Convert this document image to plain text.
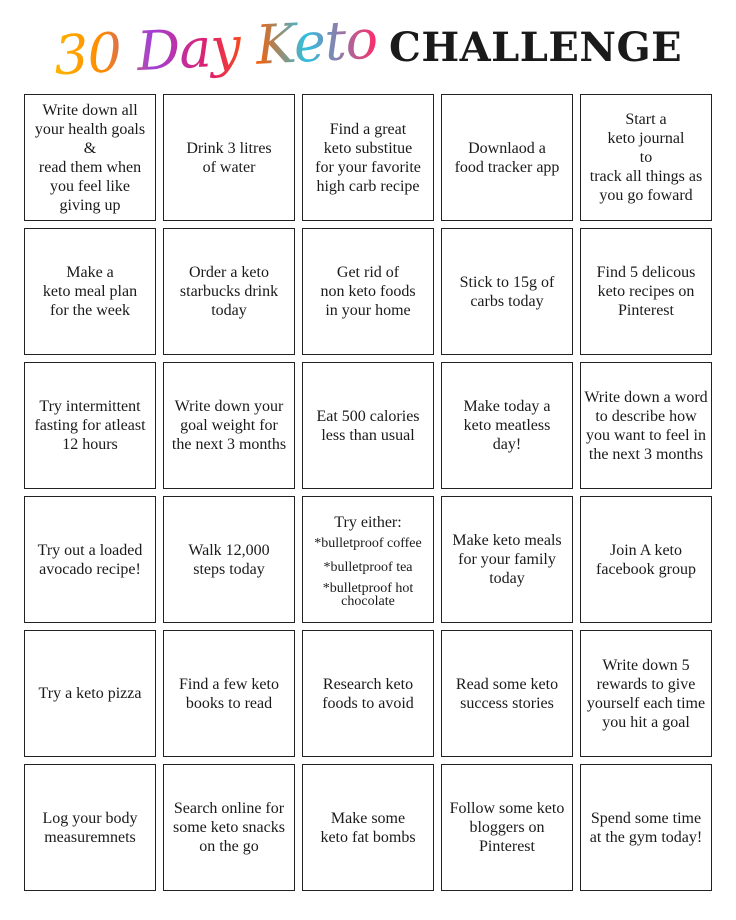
30 Day Keto CHALLENGE
Write down all
your health goals
&
read them when
you feel like
giving up
Drink 3 litres
of water
Find a great
keto substitue
for your favorite
high carb recipe
Downlaod a
food tracker app
Start a
keto journal
to
track all things as
you go foward
Make a
keto meal plan
for the week
Order a keto
starbucks drink
today
Get rid of
non keto foods
in your home
Stick to 15g of
carbs today
Find 5 delicous
keto recipes on
Pinterest
Try intermittent
fasting for atleast
12 hours
Write down your
goal weight for
the next 3 months
Eat 500 calories
less than usual
Make today a
keto meatless
day!
Write down a word
to describe how
you want to feel in
the next 3 months
Try out a loaded
avocado recipe!
Walk 12,000
steps today
Try either:
*bulletproof coffee
*bulletproof tea
*bulletproof hot
chocolate
Make keto meals
for your family
today
Join A keto
facebook group
Try a keto pizza
Find a few keto
books to read
Research keto
foods to avoid
Read some keto
success stories
Write down 5
rewards to give
yourself each time
you hit a goal
Log your body
measuremnets
Search online for
some keto snacks
on the go
Make some
keto fat bombs
Follow some keto
bloggers on
Pinterest
Spend some time
at the gym today!
